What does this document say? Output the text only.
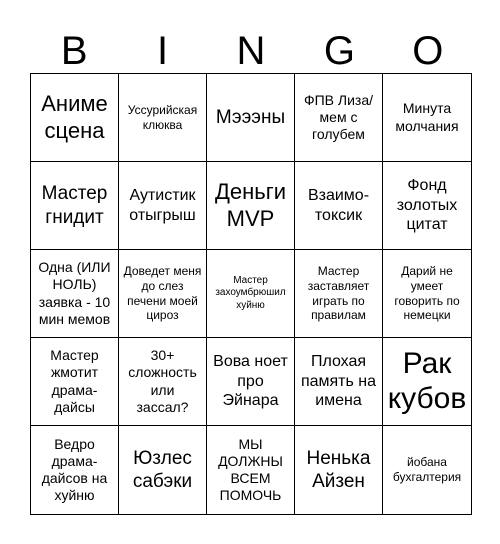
B	I	N	G	O
Аниме сцена
Уссурийская клюква	Мэээны
ФПВ Лиза/мем с голубем
Минута молчания
Мастер гнидит
Аутистик отыгрыш
Деньги MVP
Взаимо-токсик
Фонд золотых цитат
Одна (ИЛИ НОЛЬ) заявка - 10 мин мемов
Доведет меня до слез печени моей цироз
Мастер захоумбрюшил хуйню
Мастер заставляет играть по правилам
Дарий не умеет говорить по немецки
Мастер жмотит драма-дайсы
30+ сложность или зассал?
Вова ноет про Эйнара
Плохая память на имена
Рак кубов
Ведро драма-дайсов на хуйню
Юзлес сабэки
МЫ ДОЛЖНЫ ВСЕМ ПОМОЧЬ
Ненька Айзен
йобана бухгалтерия
